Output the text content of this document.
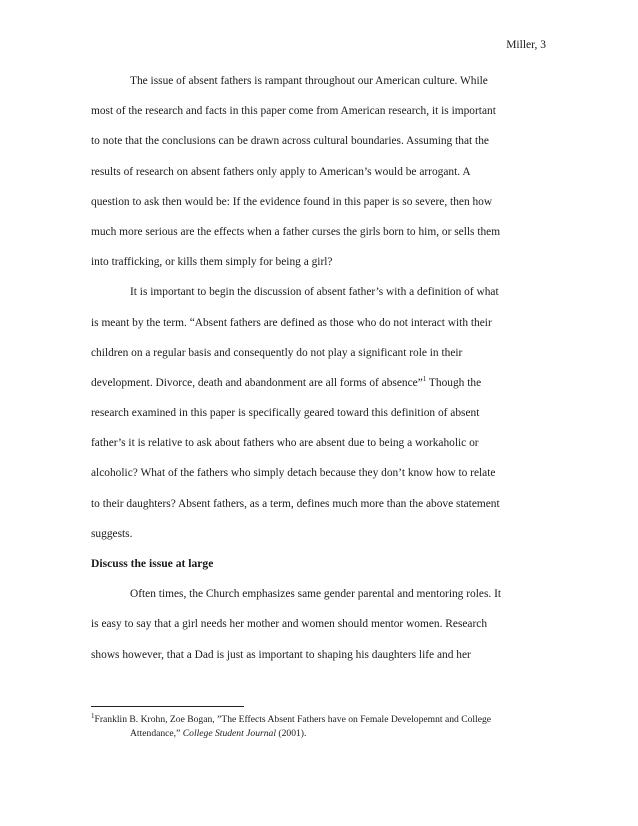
Miller, 3
The issue of absent fathers is rampant throughout our American culture. While
most of the research and facts in this paper come from American research, it is important
to note that the conclusions can be drawn across cultural boundaries. Assuming that the
results of research on absent fathers only apply to American’s would be arrogant. A
question to ask then would be: If the evidence found in this paper is so severe, then how
much more serious are the effects when a father curses the girls born to him, or sells them
into trafficking, or kills them simply for being a girl?
It is important to begin the discussion of absent father’s with a definition of what
is meant by the term. “Absent fathers are defined as those who do not interact with their
children on a regular basis and consequently do not play a significant role in their
development. Divorce, death and abandonment are all forms of absence”$^1$ Though the
research examined in this paper is specifically geared toward this definition of absent
father’s it is relative to ask about fathers who are absent due to being a workaholic or
alcoholic? What of the fathers who simply detach because they don’t know how to relate
to their daughters? Absent fathers, as a term, defines much more than the above statement
suggests.
Discuss the issue at large
Often times, the Church emphasizes same gender parental and mentoring roles. It
is easy to say that a girl needs her mother and women should mentor women. Research
shows however, that a Dad is just as important to shaping his daughters life and her
$^1$Franklin B. Krohn, Zoe Bogan, ”The Effects Absent Fathers have on Female Developemnt and College
Attendance,” College Student Journal (2001).
